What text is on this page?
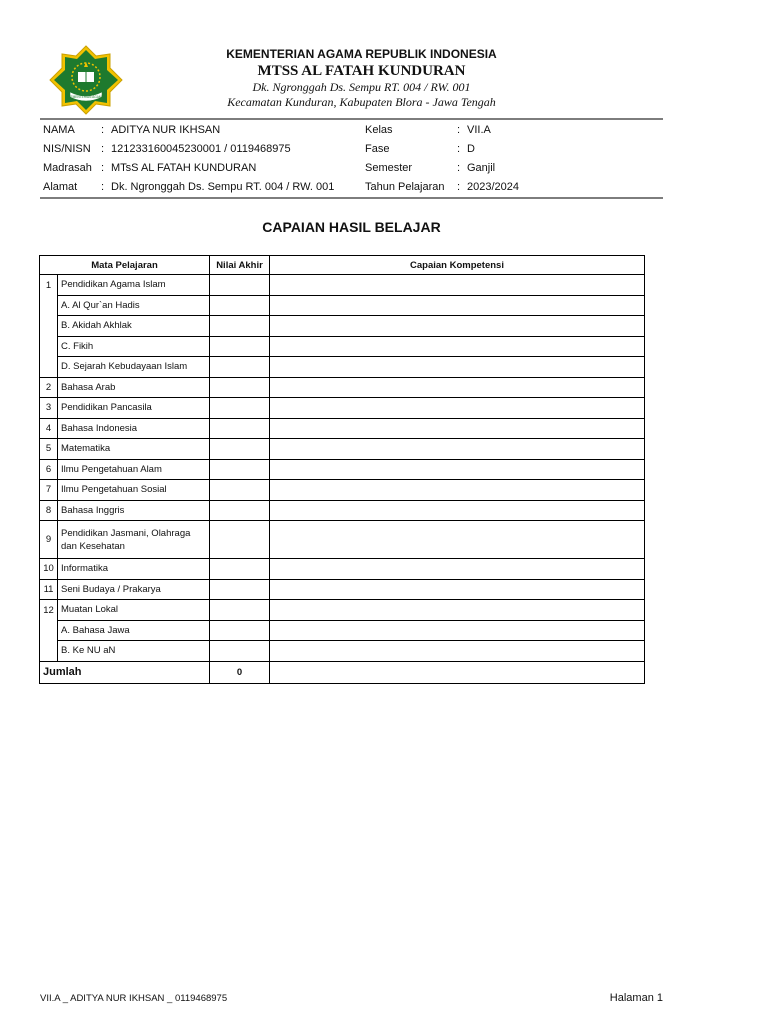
KEMENTERIAN AGAMA
KEMENTERIAN AGAMA REPUBLIK INDONESIA
MTSS AL FATAH KUNDURAN
Dk. Ngronggah Ds. Sempu RT. 004 / RW. 001
Kecamatan Kunduran, Kabupaten Blora - Jawa Tengah
NAMA : ADITYA NUR IKHSAN	Kelas	: VII.A
NIS/NISN : 121233160045230001 / 0119468975	Fase	: D
Madrasah : MTsS AL FATAH KUNDURAN	Semester	: Ganjil
Alamat : Dk. Ngronggah Ds. Sempu RT. 004 / RW. 001	Tahun Pelajaran : 2023/2024
CAPAIAN HASIL BELAJAR
Mata Pelajaran		Nilai Akhir	Capaian Kompetensi
1	Pendidikan Agama Islam		
	A. Al Qur`an Hadis		
	B. Akidah Akhlak		
	C. Fikih		
	D. Sejarah Kebudayaan Islam		
2	Bahasa Arab		
3	Pendidikan Pancasila		
4	Bahasa Indonesia		
5	Matematika		
6	Ilmu Pengetahuan Alam		
7	Ilmu Pengetahuan Sosial		
8	Bahasa Inggris		
9	Pendidikan Jasmani, Olahraga
dan Kesehatan		

10	Informatika		
11	Seni Budaya / Prakarya		
12	Muatan Lokal		
	A. Bahasa Jawa		
	B. Ke NU aN		
Jumlah		0	
VII.A _ ADITYA NUR IKHSAN _ 0119468975	Halaman 1
